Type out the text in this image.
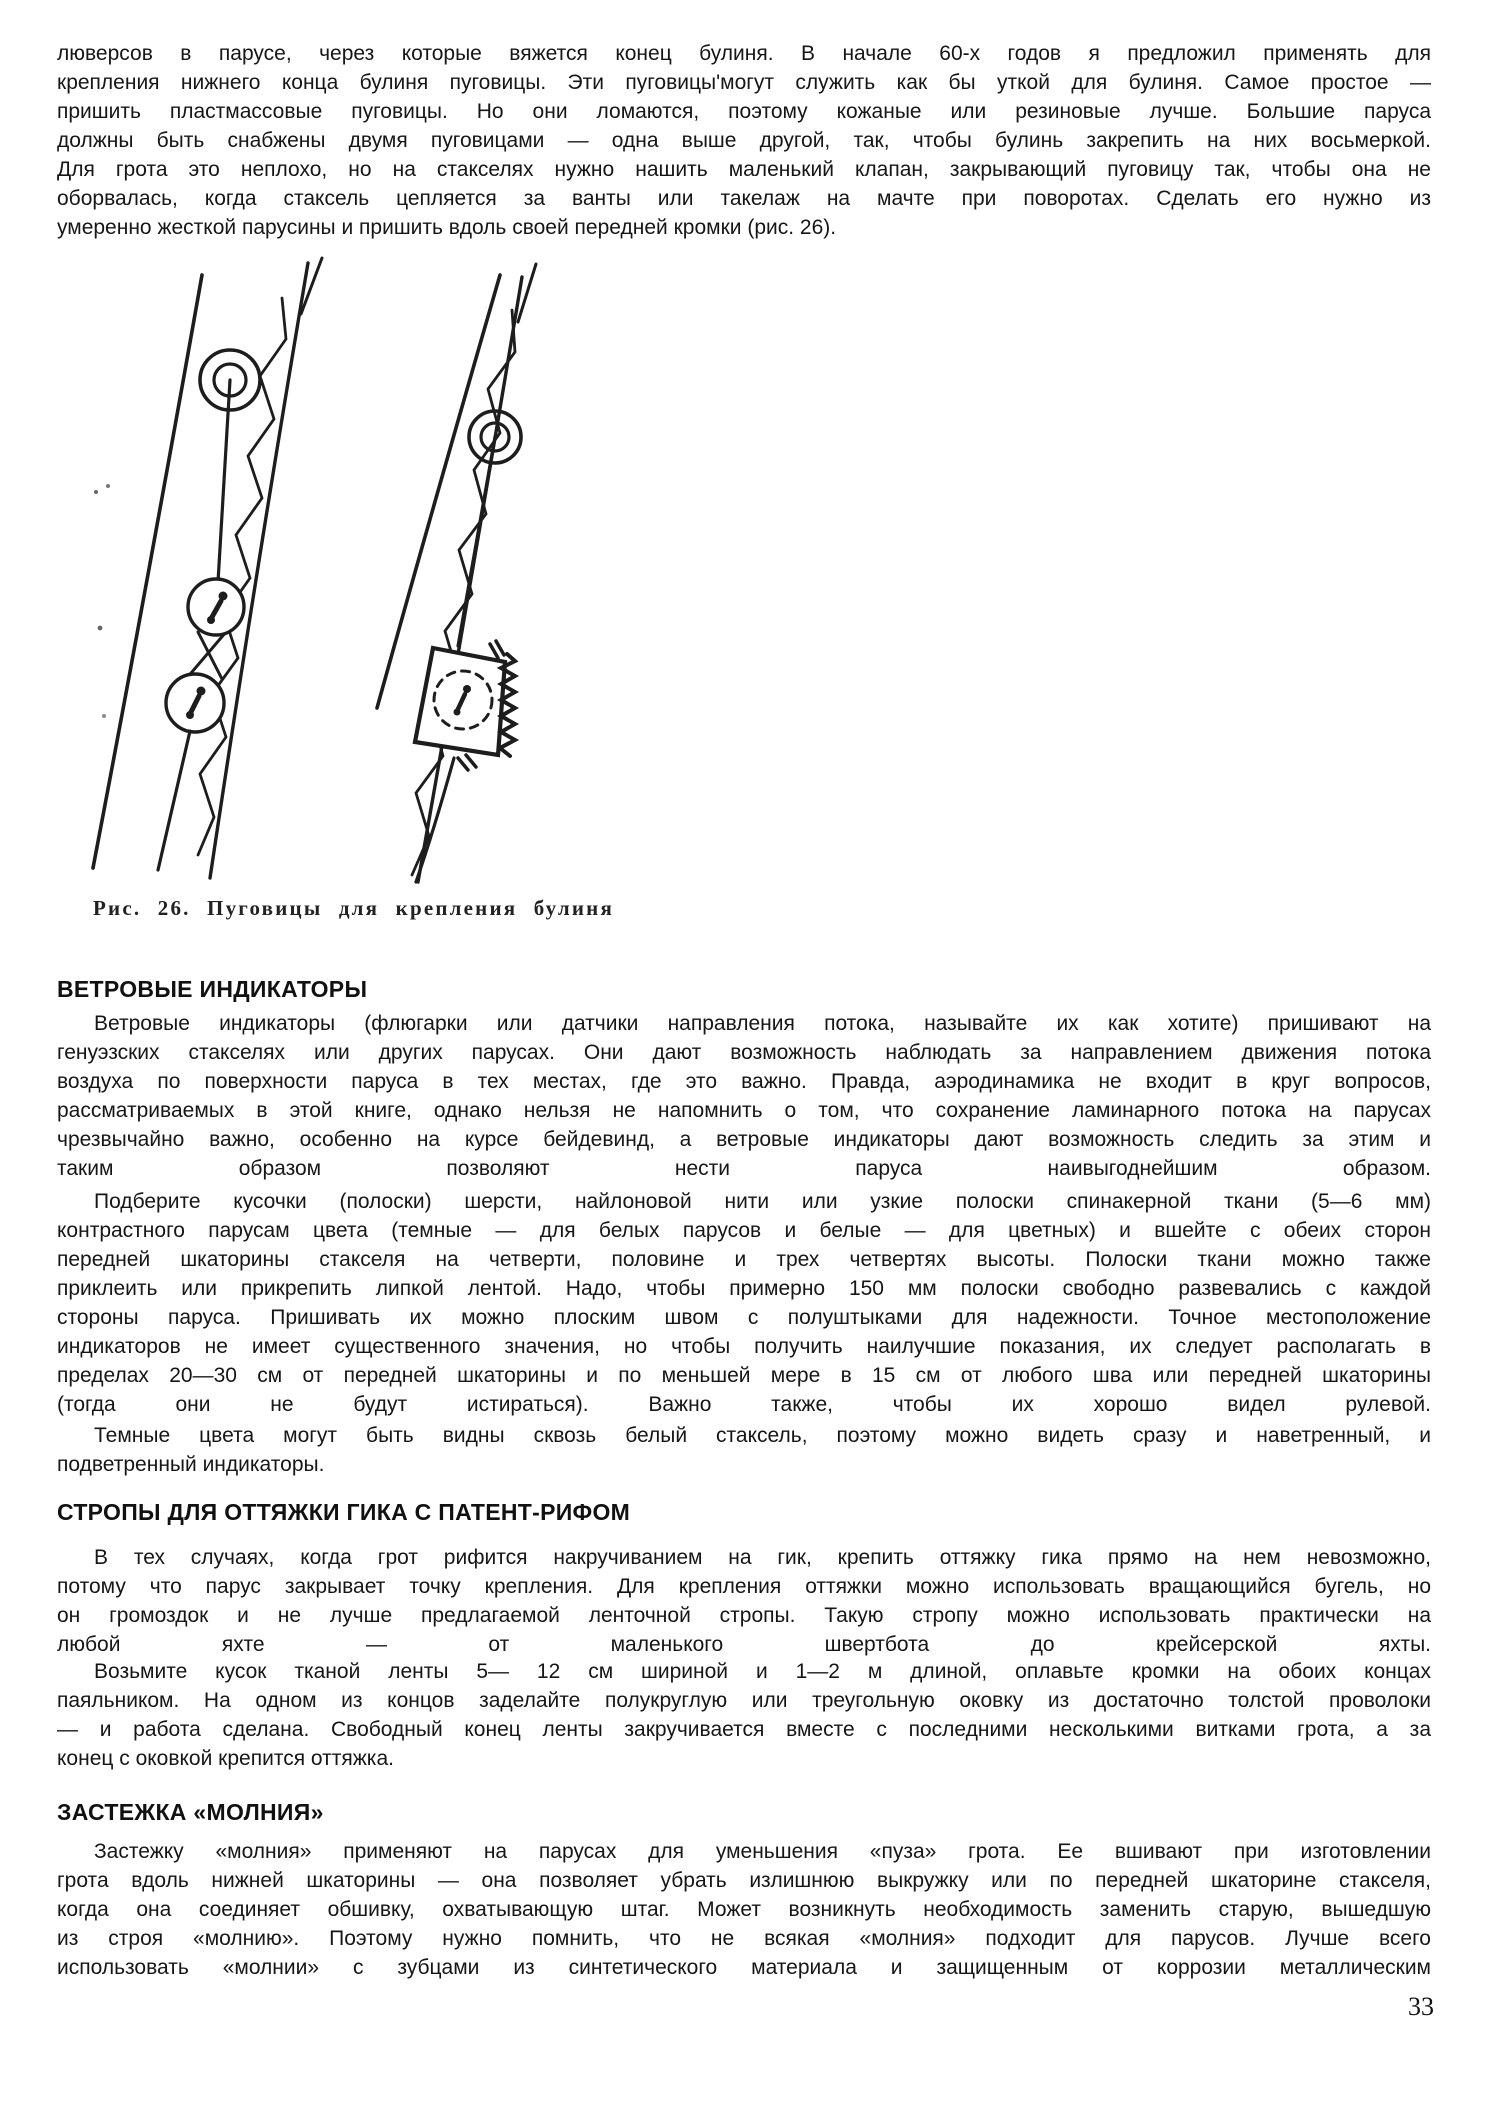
люверсов в парусе, через которые вяжется конец булиня. В начале 60-х годов я предложил применять для
крепления нижнего конца булиня пуговицы. Эти пуговицы'могут служить как бы уткой для булиня. Самое простое —
пришить пластмассовые пуговицы. Но они ломаются, поэтому кожаные или резиновые лучше. Большие паруса
должны быть снабжены двумя пуговицами — одна выше другой, так, чтобы булинь закрепить на них восьмеркой.
Для грота это неплохо, но на стакселях нужно нашить маленький клапан, закрывающий пуговицу так, чтобы она не
оборвалась, когда стаксель цепляется за ванты или такелаж на мачте при поворотах. Сделать его нужно из
умеренно жесткой парусины и пришить вдоль своей передней кромки (рис. 26).
Рис. 26. Пуговицы для крепления булиня
ВЕТРОВЫЕ ИНДИКАТОРЫ
Ветровые индикаторы (флюгарки или датчики направления потока, называйте их как хотите) пришивают на
генуэзских стакселях или других парусах. Они дают возможность наблюдать за направлением движения потока
воздуха по поверхности паруса в тех местах, где это важно. Правда, аэродинамика не входит в круг вопросов,
рассматриваемых в этой книге, однако нельзя не напомнить о том, что сохранение ламинарного потока на парусах
чрезвычайно важно, особенно на курсе бейдевинд, а ветровые индикаторы дают возможность следить за этим и
таким образом позволяют нести паруса наивыгоднейшим образом.
Подберите кусочки (полоски) шерсти, найлоновой нити или узкие полоски спинакерной ткани (5—6 мм)
контрастного парусам цвета (темные — для белых парусов и белые — для цветных) и вшейте с обеих сторон
передней шкаторины стакселя на четверти, половине и трех четвертях высоты. Полоски ткани можно также
приклеить или прикрепить липкой лентой. Надо, чтобы примерно 150 мм полоски свободно развевались с каждой
стороны паруса. Пришивать их можно плоским швом с полуштыками для надежности. Точное местоположение
индикаторов не имеет существенного значения, но чтобы получить наилучшие показания, их следует располагать в
пределах 20—30 см от передней шкаторины и по меньшей мере в 15 см от любого шва или передней шкаторины
(тогда они не будут истираться). Важно также, чтобы их хорошо видел рулевой.
Темные цвета могут быть видны сквозь белый стаксель, поэтому можно видеть сразу и наветренный, и
подветренный индикаторы.
СТРОПЫ ДЛЯ ОТТЯЖКИ ГИКА С ПАТЕНТ-РИФОМ
В тех случаях, когда грот рифится накручиванием на гик, крепить оттяжку гика прямо на нем невозможно,
потому что парус закрывает точку крепления. Для крепления оттяжки можно использовать вращающийся бугель, но
он громоздок и не лучше предлагаемой ленточной стропы. Такую стропу можно использовать практически на
любой яхте — от маленького швертбота до крейсерской яхты.
Возьмите кусок тканой ленты 5— 12 см шириной и 1—2 м длиной, оплавьте кромки на обоих концах
паяльником. На одном из концов заделайте полукруглую или треугольную оковку из достаточно толстой проволоки
— и работа сделана. Свободный конец ленты закручивается вместе с последними несколькими витками грота, а за
конец с оковкой крепится оттяжка.
ЗАСТЕЖКА «МОЛНИЯ»
Застежку «молния» применяют на парусах для уменьшения «пуза» грота. Ее вшивают при изготовлении
грота вдоль нижней шкаторины — она позволяет убрать излишнюю выкружку или по передней шкаторине стакселя,
когда она соединяет обшивку, охватывающую штаг. Может возникнуть необходимость заменить старую, вышедшую
из строя «молнию». Поэтому нужно помнить, что не всякая «молния» подходит для парусов. Лучше всего
использовать «молнии» с зубцами из синтетического материала и защищенным от коррозии металлическим
33
